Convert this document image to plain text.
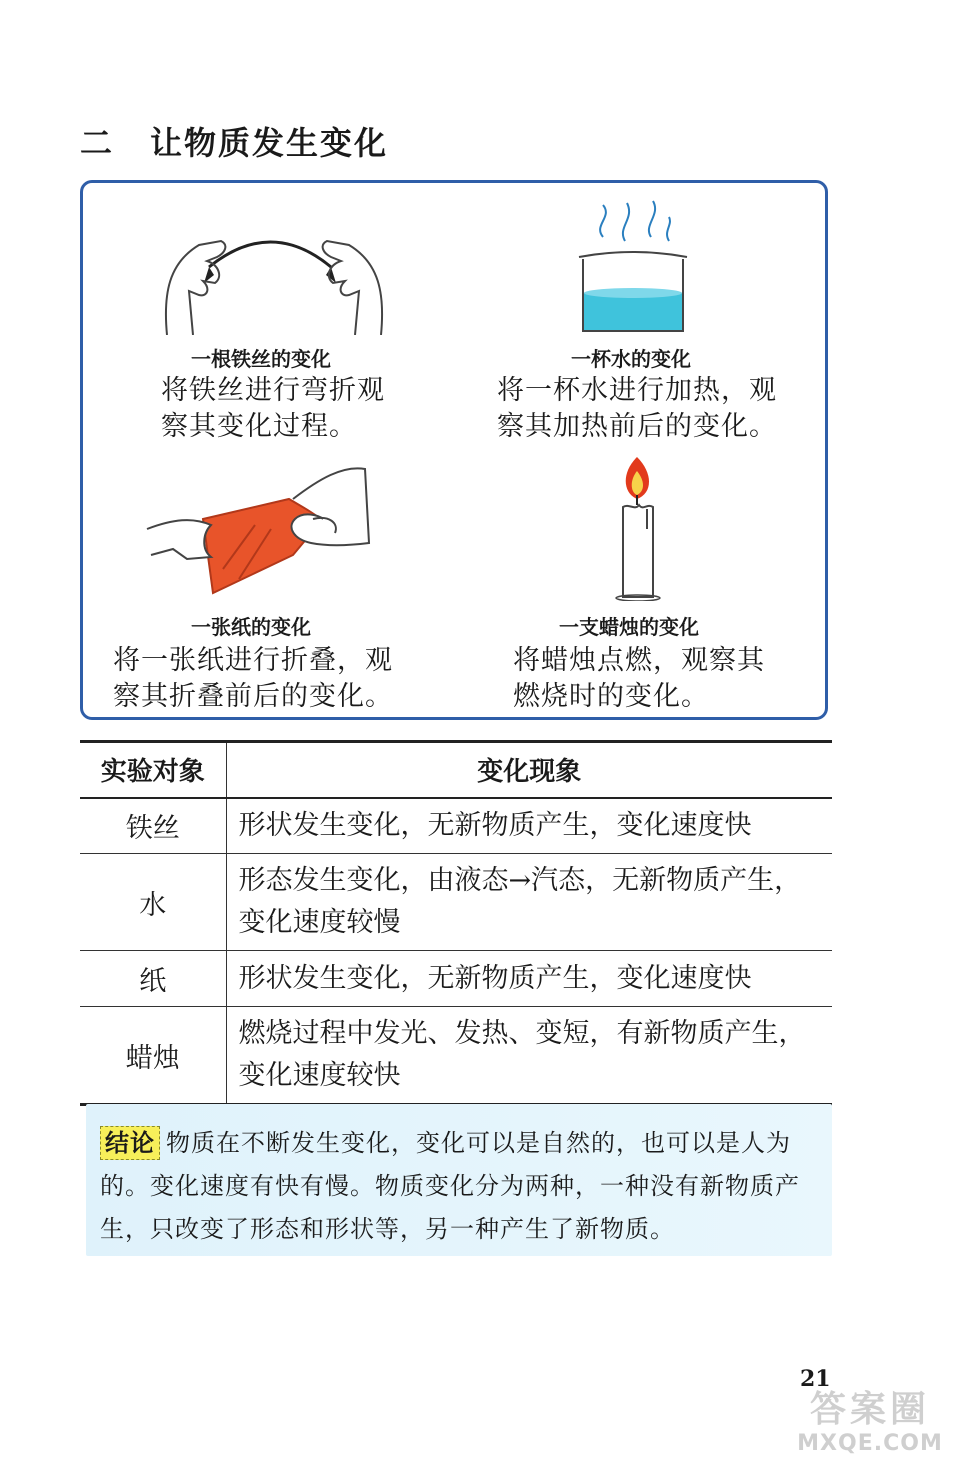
二 让物质发生变化
一根铁丝的变化
将铁丝进行弯折观
察其变化过程。
一杯水的变化
将一杯水进行加热，观
察其加热前后的变化。
一张纸的变化
将一张纸进行折叠，观
察其折叠前后的变化。
一支蜡烛的变化
将蜡烛点燃，观察其
燃烧时的变化。
实验对象	变化现象
铁丝	形状发生变化，无新物质产生，变化速度快
水	形态发生变化，由液态→汽态，无新物质产生，
变化速度较慢
纸	形状发生变化，无新物质产生，变化速度快
蜡烛	燃烧过程中发光、发热、变短，有新物质产生，
变化速度较快
结论 物质在不断发生变化，变化可以是自然的，也可以是人为的。变化速度有快有慢。物质变化分为两种，一种没有新物质产生，只改变了形态和形状等，另一种产生了新物质。
21
答案圈
MXQE.COM
